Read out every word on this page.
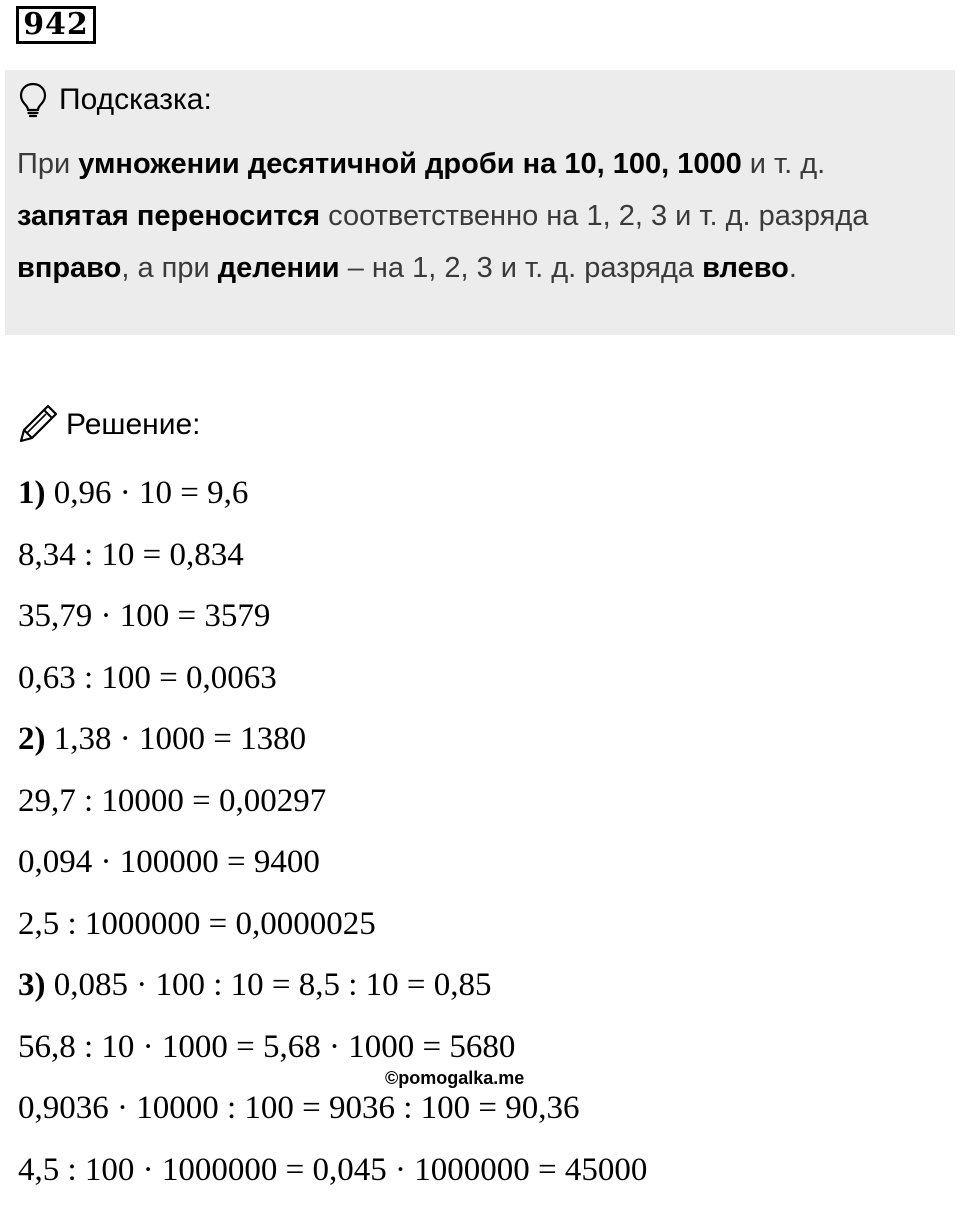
942
Подсказка:
При умножении десятичной дроби на 10, 100, 1000 и т. д.
запятая переносится соответственно на 1, 2, 3 и т. д. разряда
вправо, а при делении – на 1, 2, 3 и т. д. разряда влево.
Решение:
1) 0,96 · 10 = 9,6
8,34 : 10 = 0,834
35,79 · 100 = 3579
0,63 : 100 = 0,0063
2) 1,38 · 1000 = 1380
29,7 : 10000 = 0,00297
0,094 · 100000 = 9400
2,5 : 1000000 = 0,0000025
3) 0,085 · 100 : 10 = 8,5 : 10 = 0,85
56,8 : 10 · 1000 = 5,68 · 1000 = 5680
0,9036 · 10000 : 100 = 9036 : 100 = 90,36
4,5 : 100 · 1000000 = 0,045 · 1000000 = 45000
©pomogalka.me
